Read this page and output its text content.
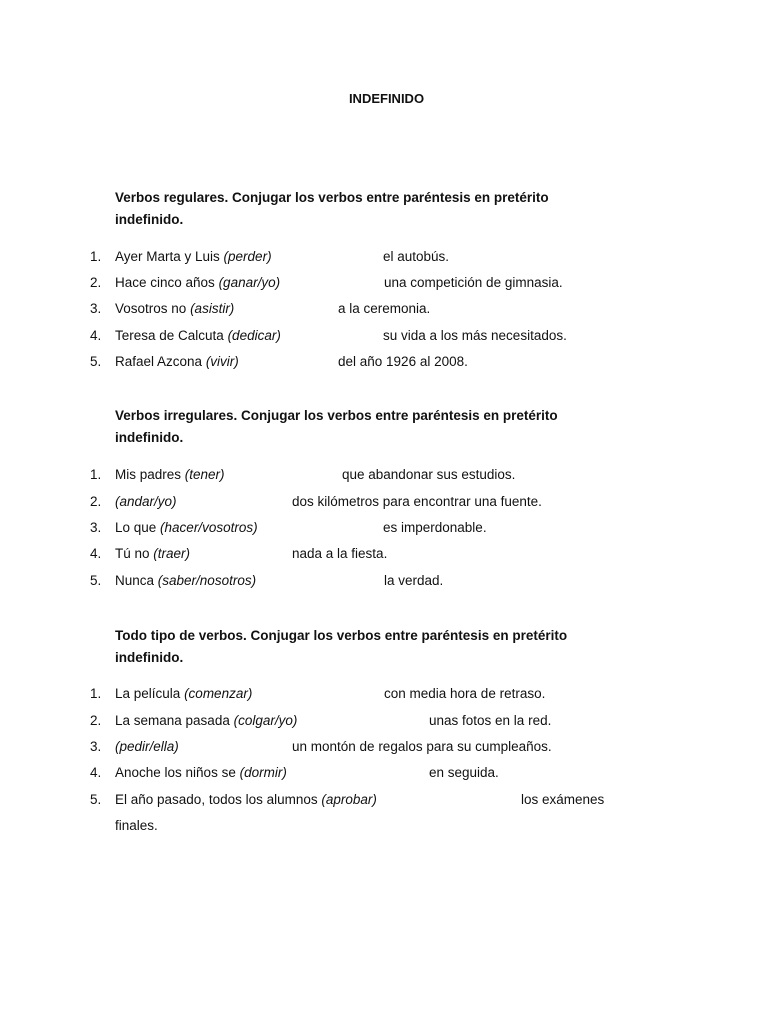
INDEFINIDO
Verbos regulares. Conjugar los verbos entre paréntesis en pretérito
indefinido.
1. Ayer Marta y Luis (perder)	el autobús.
2. Hace cinco años (ganar/yo)	una competición de gimnasia.
3. Vosotros no (asistir)	a la ceremonia.
4. Teresa de Calcuta (dedicar)	su vida a los más necesitados.
5. Rafael Azcona (vivir)	del año 1926 al 2008.
Verbos irregulares. Conjugar los verbos entre paréntesis en pretérito
indefinido.
1. Mis padres (tener)	que abandonar sus estudios.
2. (andar/yo)	dos kilómetros para encontrar una fuente.
3. Lo que (hacer/vosotros)	es imperdonable.
4. Tú no (traer)	nada a la fiesta.
5. Nunca (saber/nosotros)	la verdad.
Todo tipo de verbos. Conjugar los verbos entre paréntesis en pretérito
indefinido.
1. La película (comenzar)	con media hora de retraso.
2. La semana pasada (colgar/yo)	unas fotos en la red.
3. (pedir/ella)	un montón de regalos para su cumpleaños.
4. Anoche los niños se (dormir)	en seguida.
5. El año pasado, todos los alumnos (aprobar)	los exámenes
finales.
